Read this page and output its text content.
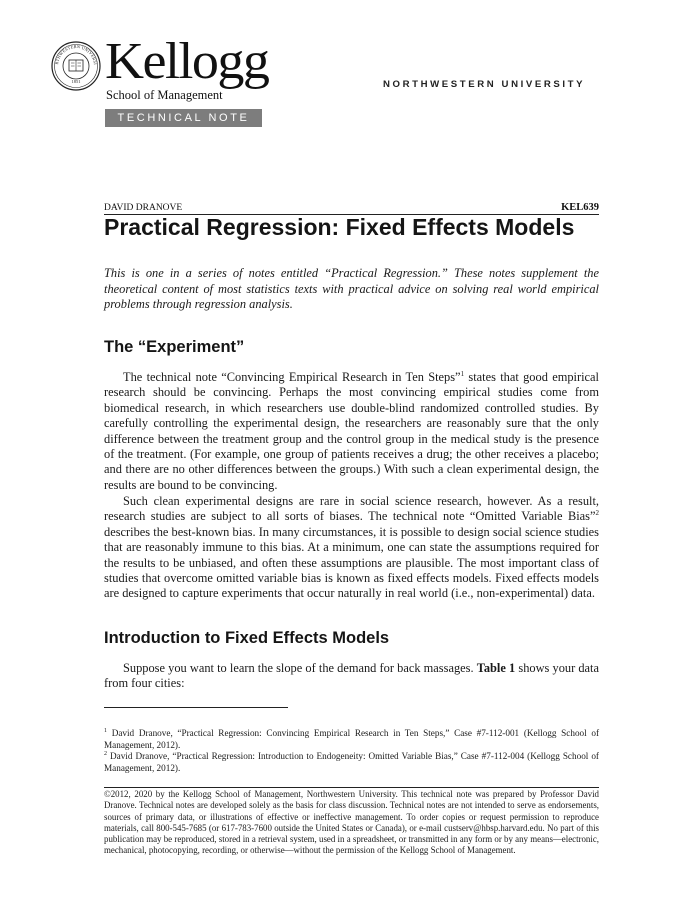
RTHWESTERN UNIVERSI
1851 Kellogg
School of Management
TECHNICAL NOTE
NORTHWESTERN UNIVERSITY
DAVID DRANOVE	KEL639
Practical Regression: Fixed Effects Models
This is one in a series of notes entitled “Practical Regression.” These notes supplement the theoretical content of most statistics texts with practical advice on solving real world empirical problems through regression analysis.
The “Experiment”
The technical note “Convincing Empirical Research in Ten Steps”$^1$ states that good empirical research should be convincing. Perhaps the most convincing empirical studies come from biomedical research, in which researchers use double-blind randomized controlled studies. By carefully controlling the experimental design, the researchers are reasonably sure that the only difference between the treatment group and the control group in the medical study is the presence of the treatment. (For example, one group of patients receives a drug; the other receives a placebo; and there are no other differences between the groups.) With such a clean experimental design, the results are bound to be convincing.
Such clean experimental designs are rare in social science research, however. As a result, research studies are subject to all sorts of biases. The technical note “Omitted Variable Bias”$^2$ describes the best-known bias. In many circumstances, it is possible to design social science studies that are reasonably immune to this bias. At a minimum, one can state the assumptions required for the results to be unbiased, and often these assumptions are plausible. The most important class of studies that overcome omitted variable bias is known as fixed effects models. Fixed effects models are designed to capture experiments that occur naturally in real world (i.e., non-experimental) data.
Introduction to Fixed Effects Models
Suppose you want to learn the slope of the demand for back massages. Table 1 shows your data from four cities:
$^1$ David Dranove, “Practical Regression: Convincing Empirical Research in Ten Steps,” Case #7-112-001 (Kellogg School of Management, 2012).
$^2$ David Dranove, “Practical Regression: Introduction to Endogeneity: Omitted Variable Bias,” Case #7-112-004 (Kellogg School of Management, 2012).
©2012, 2020 by the Kellogg School of Management, Northwestern University. This technical note was prepared by Professor David Dranove. Technical notes are developed solely as the basis for class discussion. Technical notes are not intended to serve as endorsements, sources of primary data, or illustrations of effective or ineffective management. To order copies or request permission to reproduce materials, call 800-545-7685 (or 617-783-7600 outside the United States or Canada), or e-mail custserv@hbsp.harvard.edu. No part of this publication may be reproduced, stored in a retrieval system, used in a spreadsheet, or transmitted in any form or by any means—electronic, mechanical, photocopying, recording, or otherwise—without the permission of the Kellogg School of Management.
